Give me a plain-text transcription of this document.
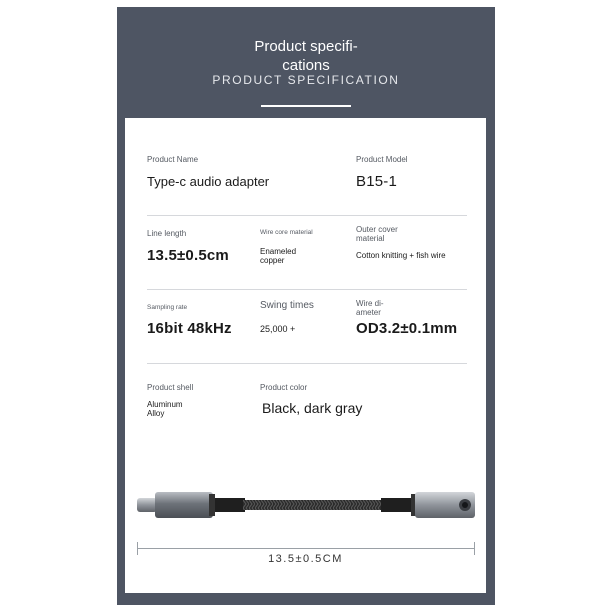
Product specifi-
cations
PRODUCT SPECIFICATION
Product Name
Type-c audio adapter
Product Model
B15-1
Line length
13.5±0.5cm
Wire core material
Enameled
copper
Outer cover
material
Cotton knitting + fish wire
Sampling rate
16bit 48kHz
Swing times
25,000 +
Wire di-
ameter
OD3.2±0.1mm
Product shell
Aluminum
Alloy
Product color
Black, dark gray
13.5±0.5CM
